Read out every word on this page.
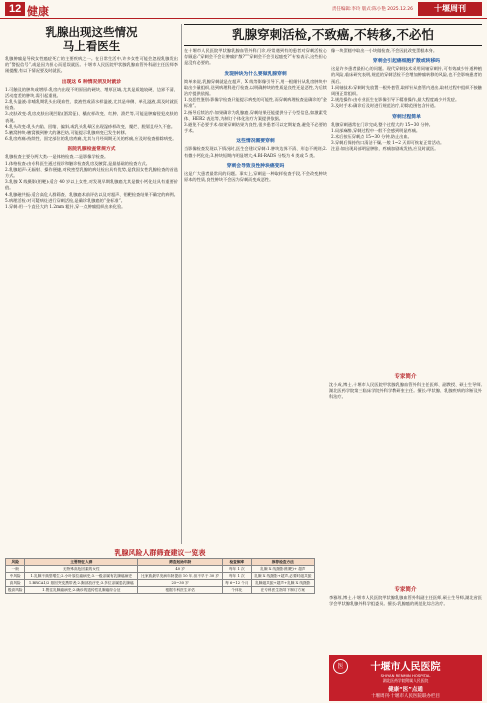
12 健康	责任编辑:李玲 版式:陈小艳 2025.12.26	十堰周刊
乳腺出现这些情况
马上看医生
乳腺肿瘤是导致女性癌症死亡的主要疾病之一。在日常生活中,许多女性可能会忽视乳腺发出的“警报信号”,或是因为担心而延误就医。十堰市人民医院甲状腺乳腺血管外科副主任医师李刚提醒,有以下情况要及时就医。
出现这 6 种情况须及时就诊
1.可触及的肿块或增厚:乳房内出现不明原因的硬块、增厚区域,尤其是质地较硬、边界不清、活动度差的肿块,需引起重视。
2.乳头溢液:非哺乳期乳头出现血性、浆液性或清水样溢液,尤其是单侧、单孔溢液,需及时就医检查。
3.皮肤改变:乳房皮肤出现凹陷(酒窝征)、橘皮样改变、红肿、溃烂等,可能是肿瘤侵犯皮肤的表现。
4.乳头改变:乳头内陷、回缩、偏斜,或乳头乳晕区出现湿疹样改变、糜烂、脱屑且经久不愈。
5.腋窝肿块:腋窝摸到肿大的淋巴结,可能提示乳腺病变已发生转移。
6.乳房疼痛:持续性、固定部位的乳房疼痛,尤其与月经周期无关的疼痛,应及时检查排除病变。
医院乳腺检查常规方式
乳腺检查主要分两大类:一是体格检查,二是影像学检查。
1.体格检查:由专科医生通过视诊和触诊检查乳房及腋窝,是最基础的检查方式。
2.乳腺超声:无辐射、操作便捷,对致密型乳腺的病灶检出具有优势,是我国女性乳腺检查的首选方式。
3.乳腺 X 线摄影(钼靶):适合 40 岁以上女性,对发现早期乳腺癌尤其是微小钙化灶具有重要价值。
4.乳腺磁共振:适合高危人群筛查、乳腺癌术前评估以及对超声、钼靶检查结果不确定的病例。
5.病理活检:对可疑病灶进行穿刺活检,是确诊乳腺癌的“金标准”。
1.穿刺:用一个直径大约 1.2mm 粗针,穿一点肿瘤组织出来化验。
乳腺穿刺活检,不致癌,不转移,不必怕
在十堰市人民医院甲状腺乳腺血管外科门诊,经常遇到有的患者对穿刺活检心存顾虑:“穿刺会不会让肿瘤扩散?”“穿刺会不会引起癌变?”专家表示,这些担心是没有必要的。
发现肿块为什么要做乳腺穿刺
简单来说,乳腺穿刺就是在超声、X 线等影像引导下,用一根细针从乳房肿块中取出少量组织,送到病理科进行检查,以明确肿块的性质是良性还是恶性,为后续治疗提供依据。
1.良恶性鉴别:影像学检查只能提示病变的可能性,而穿刺病理检查是确诊的“金标准”。
2.指导后续治疗:如果确诊为乳腺癌,穿刺结果还能提供分子分型信息,如激素受体、HER2 表达等,为制订个体化治疗方案提供依据。
3.避免不必要手术:如果穿刺结果为良性,很多患者可以定期复查,避免不必要的手术。
这些情况需要穿刺
当影像检查发现以下情况时,医生会建议穿刺:1.肿块边界不清、形态不规则;2.有微小钙化灶;3.肿块短期内明显增大;4.BI-RADS 分级为 4 类或 5 类。
穿刺会导致良性肿块癌变吗
这是广大患者最常问的问题。事实上,穿刺是一种取样检查手段,不会改变肿块原本的性质,良性肿块不会因为穿刺而变成恶性。
像一块蛋糕中取出一小块做检查,不会因此改变蛋糕本身。
穿刺会引起癌细胞扩散或转移吗
这是许多患者最担心的问题。现代穿刺技术采用同轴穿刺针,可有效减少针道种植的风险,临床研究表明,规范的穿刺活检不会增加肿瘤转移的风险,也不会影响患者的预后。
1.同轴技术:穿刺时先放置一根外套管,取样针从套管内进出,取材过程中组织不接触周围正常组织。
2.规范操作:由专业医生在影像引导下精准操作,最大程度减少并发症。
3.及时手术:确诊后及时进行规范治疗,切除范围包含针道。
穿刺过程简单
乳腺穿刺通常在门诊完成,整个过程大约 15~30 分钟。
1.局部麻醉,穿刺过程中一般不会感到明显疼痛。
2.术后按压穿刺点 15~30 分钟,防止出血。
3.穿刺后保持伤口清洁干燥,一般 1~2 天即可恢复正常活动。
注意:如出现局部明显肿胀、疼痛加剧或发热,应及时就医。
专家简介
沈小成,博士,十堰市人民医院甲状腺乳腺血管外科主任医师、副教授、硕士生导师,湖北医药学院第三临床学院外科学教研室主任。擅长:甲状腺、乳腺疾病的诊断及外科治疗。
专家简介
李雅琼,博士,十堰市人民医院甲状腺乳腺血管外科副主任医师,硕士生导师,湖北省医学会甲状腺乳腺外科学组委员。擅长:乳腺癌的规范化综合治疗。
乳腺风险人群筛查建议一览表
风险	主要特征人群	筛查起始年龄	检查频率	推荐检查方法
一般	无特殊高危因素的女性	40 岁	每年 1 次	乳腺 X 线摄影(钼靶)+ 超声
中风险	1.乳腺不典型增生;2.小叶原位癌病史;3.一级亲属有乳腺癌病史	比家族最早发病年龄提前 10 年,但不早于 30 岁	每年 1 次	乳腺 X 线摄影+超声,必要时磁共振
高风险	1.BRCA1/2 基因突变携带者;2.胸部放疗史;3.多位亲属患乳腺癌	25~30 岁	每 6~12 个月	乳腺磁共振+超声+乳腺 X 线摄影
极高风险	1.既往乳腺癌病史;2.确诊的遗传性乳腺癌综合征	根据专科医生评估	个体化	在专科医生指导下制订方案
医	十堰市人民医院
SHIYAN RENMIN HOSPITAL
湖北医药学院附属人民医院
健康“医”点通
十堰周刊·十堰市人民医院联办栏目
